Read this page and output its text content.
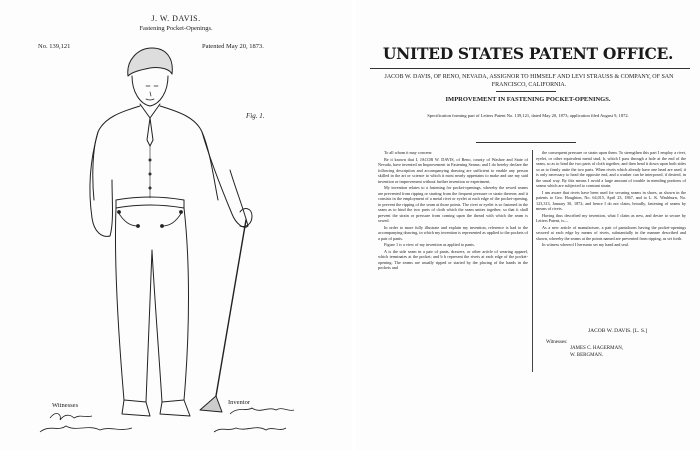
J. W. DAVIS.
Fastening Pocket-Openings.
No. 139,121	Patented May 20, 1873.
Fig. 1.
Witnesses	Inventor
UNITED STATES PATENT OFFICE.
JACOB W. DAVIS, OF RENO, NEVADA, ASSIGNOR TO HIMSELF AND LEVI STRAUSS & COMPANY, OF SAN FRANCISCO, CALIFORNIA.
IMPROVEMENT IN FASTENING POCKET-OPENINGS.
Specification forming part of Letters Patent No. 139,121, dated May 20, 1873; application filed August 9, 1872.

To all whom it may concern:

Be it known that I, JACOB W. DAVIS, of Reno, county of Washoe and State of Nevada, have invented an Improvement in Fastening Seams; and I do hereby declare the following description and accompanying drawing are sufficient to enable any person skilled in the art or science to which it most nearly appertains to make and use my said invention or improvement without further invention or experiment.

My invention relates to a fastening for pocket-openings, whereby the sewed seams are prevented from ripping or starting from the frequent pressure or strain thereon; and it consists in the employment of a metal rivet or eyelet at each edge of the pocket-opening, to prevent the ripping of the seam at those points. The rivet or eyelet is so fastened in the seam as to bind the two parts of cloth which the seam unites together, so that it shall prevent the strain or pressure from coming upon the thread with which the seam is sewed.

In order to more fully illustrate and explain my invention, reference is had to the accompanying drawing, in which my invention is represented as applied to the pockets of a pair of pants.

Figure 1 is a view of my invention as applied to pants.

A is the side seam in a pair of pants, drawers, or other article of wearing apparel, which terminates at the pocket; and b b represent the rivets at each edge of the pocket-opening. The seams are usually ripped or started by the placing of the hands in the pockets and

the consequent pressure or strain upon them. To strengthen this part I employ a rivet, eyelet, or other equivalent metal stud, b, which I pass through a hole at the end of the seam, so as to bind the two parts of cloth together, and then head it down upon both sides so as to firmly unite the two parts. When rivets which already have one head are used, it is only necessary to head the opposite end, and a washer can be interposed, if desired, in the usual way. By this means I avoid a large amount of trouble in mending portions of seams which are subjected to constant strain.

I am aware that rivets have been used for securing seams in shoes, as shown in the patents to Geo. Houghton, No. 64,015, April 23, 1867, and to L. K. Washburn, No. 123,313, January 30, 1872; and hence I do not claim, broadly, fastening of seams by means of rivets.

Having thus described my invention, what I claim as new, and desire to secure by Letters Patent, is—

As a new article of manufacture, a pair of pantaloons having the pocket-openings secured at each edge by means of rivets, substantially in the manner described and shown, whereby the seams at the points named are prevented from ripping, as set forth.

In witness whereof I hereunto set my hand and seal.

JACOB W. DAVIS. [L. S.]
Witnesses:
JAMES C. HAGERMAN,
W. BERGMAN.
